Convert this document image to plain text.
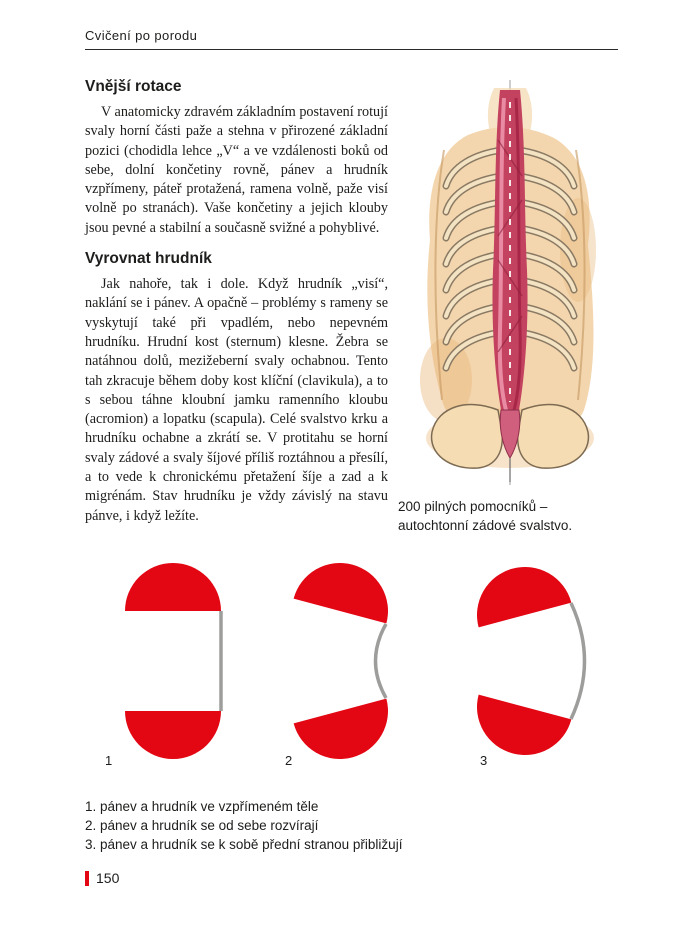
Cvičení po porodu
Vnější rotace

V anatomicky zdravém základním postavení rotují svaly horní části paže a stehna v přirozené základní pozici (chodidla lehce „V“ a ve vzdálenosti boků od sebe, dolní končetiny rovně, pánev a hrudník vzpřímeny, páteř protažená, ramena volně, paže visí volně po stranách). Vaše končetiny a jejich klouby jsou pevné a stabilní a současně svižné a pohyblivé.

Vyrovnat hrudník

Jak nahoře, tak i dole. Když hrudník „visí“, naklání se i pánev. A opačně – problémy s rameny se vyskytují také při vpadlém, nebo nepevném hrudníku. Hrudní kost (sternum) klesne. Žebra se natáhnou dolů, mezižeberní svaly ochabnou. Tento tah zkracuje během doby kost klíční (clavikula), a to s sebou táhne kloubní jamku ramenního kloubu (acromion) a lopatku (scapula). Celé svalstvo krku a hrudníku ochabne a zkrátí se. V protitahu se horní svaly zádové a svaly šíjové příliš roztáhnou a přesílí, a to vede k chronickému přetažení šíje a zad a k migrénám. Stav hrudníku je vždy závislý na stavu pánve, i když ležíte.

200 pilných pomocníků – autochtonní zádové svalstvo.
1	2	3
1. pánev a hrudník ve vzpřímeném těle
2. pánev a hrudník se od sebe rozvírají
3. pánev a hrudník se k sobě přední stranou přibližují
150
